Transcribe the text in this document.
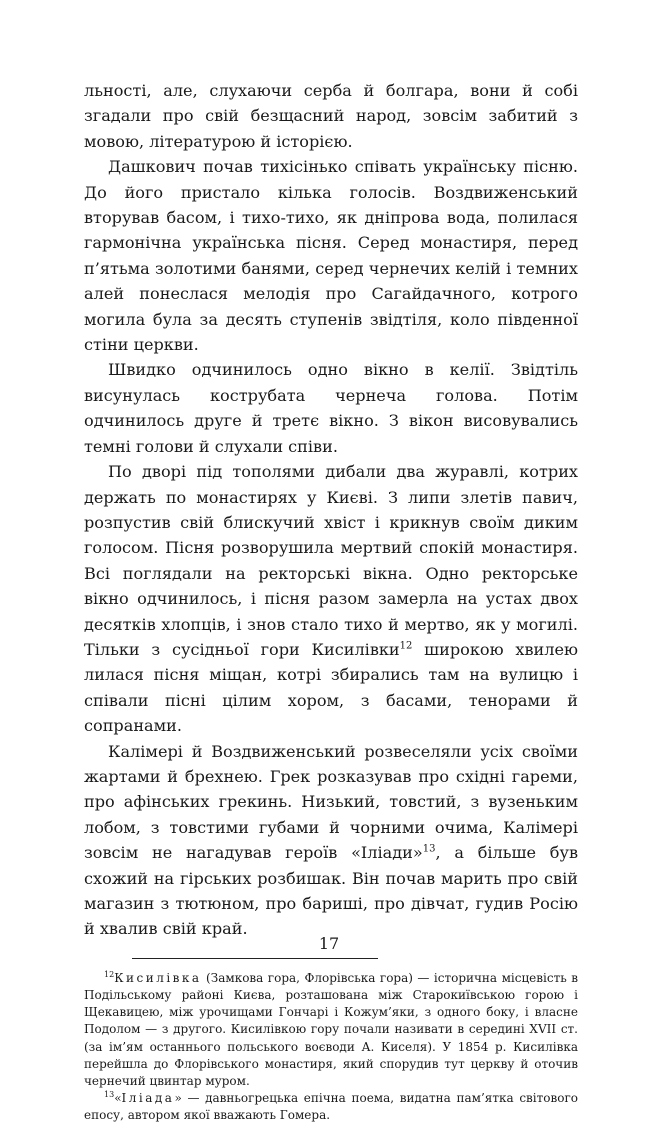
льності, але, слухаючи серба й болгара, вони й собі згадали про свій безщасний народ, зовсім забитий з мовою, літературою й історією.

Дашкович почав тихісінько співать українську пісню. До його пристало кілька голосів. Воздвиженський вторував басом, і тихо-тихо, як дніпрова вода, полилася гармонічна українська пісня. Серед монастиря, перед п’ятьма золотими банями, серед чернечих келій і темних алей понеслася мелодія про Сагайдачного, котрого могила була за десять ступенів звідтіля, коло південної стіни церкви.

Швидко одчинилось одно вікно в келії. Звідтіль висунулась кострубата чернеча голова. Потім одчинилось друге й третє вікно. З вікон висовувались темні голови й слухали співи.

По дворі під тополями дибали два журавлі, котрих держать по монастирях у Києві. З липи злетів павич, розпустив свій блискучий хвіст і крикнув своїм диким голосом. Пісня розворушила мертвий спокій монастиря. Всі поглядали на ректорські вікна. Одно ректорське вікно одчинилось, і пісня разом замерла на устах двох десятків хлопців, і знов стало тихо й мертво, як у могилі. Тільки з сусідньої гори Кисилівки$^{12}$ широкою хвилею лилася пісня міщан, котрі збирались там на вулицю і співали пісні цілим хором, з басами, тенорами й сопранами.

Калімері й Воздвиженський розвеселяли усіх своїми жартами й брехнею. Грек розказував про східні гареми, про афінських грекинь. Низький, товстий, з вузеньким лобом, з товстими губами й чорними очима, Калімері зовсім не нагадував героїв «Іліади»$^{13}$, а більше був схожий на гірських розбишак. Він почав марить про свій магазин з тютюном, про бариші, про дівчат, гудив Росію й хвалив свій край.

$^{12}$Кисилівка (Замкова гора, Флорівська гора) — історична місцевість в Подільському районі Києва, розташована між Старокиївською горою і Щекавицею, між урочищами Гончарі і Кожум’яки, з одного боку, і власне Подолом — з другого. Кисилівкою гору почали називати в середині XVII ст. (за ім’ям останнього польського воєводи А. Киселя). У 1854 р. Кисилівка перейшла до Флорівського монастиря, який спорудив тут церкву й оточив чернечий цвинтар муром.

$^{13}$«Іліада» — давньогрецька епічна поема, видатна пам’ятка світового епосу, автором якої вважають Гомера.

17
